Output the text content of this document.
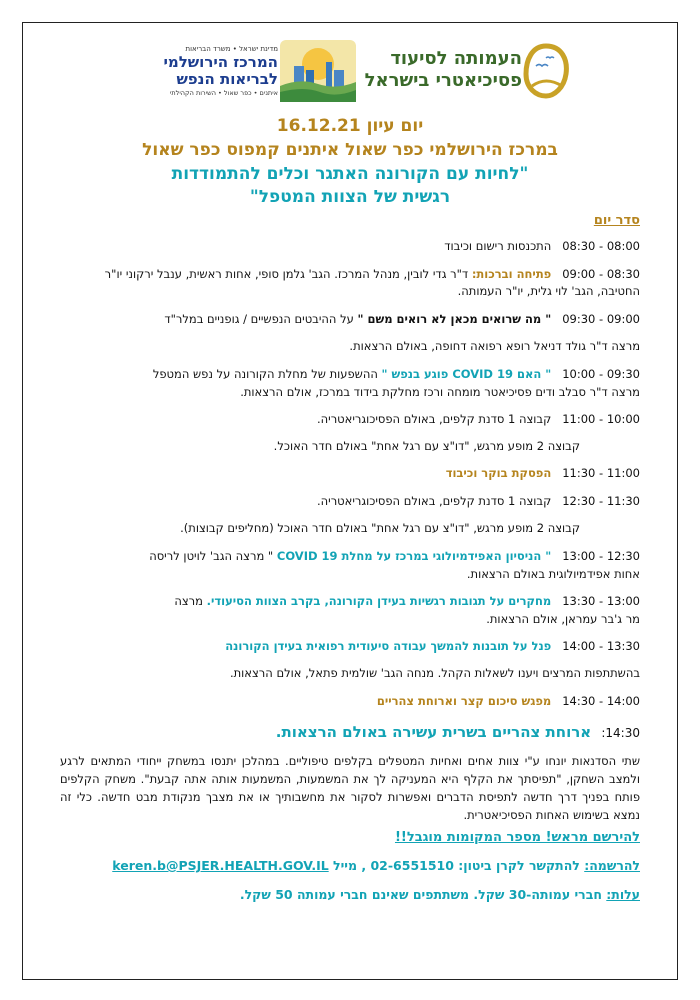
מדינת ישראל • משרד הבריאות
המרכז הירושלמי
לבריאות הנפש
איתנים • כפר שאול • השירות הקהילתי
העמותה לסיעוד
פסיכיאטרי בישראל
יום עיון 16.12.21
במרכז הירושלמי כפר שאול איתנים קמפוס כפר שאול
"לחיות עם הקורונה האתגר וכלים להתמודדות
רגשית של הצוות המטפל"
סדר יום
08:00 - 08:30   התכנסות רישום וכיבוד
08:30 - 09:00   פתיחה וברכות: ד"ר גדי לובין, מנהל המרכז. הגב' גלמן סופי, אחות ראשית, ענבל ירקוני יו"ר החטיבה, הגב' לוי גלית, יו"ר העמותה.
09:00 - 09:30   " מה שרואים מכאן לא רואים משם " על ההיבטים הנפשיים / גופניים במלר"ד
מרצה ד"ר גולד דניאל רופא רפואה דחופה, באולם הרצאות.
09:30 - 10:00   " האם COVID 19 פוגע בנפש " ההשפעות של מחלת הקורונה על נפש המטפל
מרצה ד"ר סבלב ודים פסיכיאטר מומחה ורכז מחלקת בידוד במרכז, אולם הרצאות.
10:00 - 11:00   קבוצה 1 סדנת קלפים, באולם הפסיכוגריאטריה.
קבוצה 2 מופע מרגש, "דו"צ עם רגל אחת" באולם חדר האוכל.
11:00 - 11:30   הפסקת בוקר וכיבוד
11:30 - 12:30   קבוצה 1 סדנת קלפים, באולם הפסיכוגריאטריה.
קבוצה 2 מופע מרגש, "דו"צ עם רגל אחת" באולם חדר האוכל (מחליפים קבוצות).
12:30 - 13:00   " הניסיון האפידמיולוגי במרכז על מחלת COVID 19 " מרצה הגב' לויטן לריסה
אחות אפידמיולוגית באולם הרצאות.
13:00 - 13:30   מחקרים על תגובות רגשיות בעידן הקורונה, בקרב הצוות הסיעודי. מרצה
מר ג'בר עמראן, אולם הרצאות.
13:30 - 14:00   פנל על תובנות להמשך עבודה סיעודית רפואית בעידן הקורונה
בהשתתפות המרצים ויענו לשאלות הקהל. מנחה הגב' שולמית פתאל, אולם הרצאות.
14:00 - 14:30   מפגש סיכום קצר וארוחת צהריים
14:30:  ארוחת צהריים בשרית עשירה באולם הרצאות.
שתי הסדנאות יונחו ע"י צוות אחים ואחיות המטפלים בקלפים טיפוליים. במהלכן יתנסו במשחק ייחודי המתאים לרגע ולמצב השחקן, "תפיסתך את הקלף היא המעניקה לך את המשמעות, המשמעות אותה אתה קבעת". משחק הקלפים פותח בפניך דרך חדשה לתפיסת הדברים ואפשרות לסקור את מחשבותיך או את מצבך מנקודת מבט חדשה. כלי זה נמצא בשימוש האחות הפסיכיאטרית.
להירשם מראש! מספר המקומות מוגבל!!
להרשמה: להתקשר לקרן ביטון: 02-6551510 , מייל keren.b@PSJER.HEALTH.GOV.IL
עלות: חברי עמותה-30 שקל. משתתפים שאינם חברי עמותה 50 שקל.
